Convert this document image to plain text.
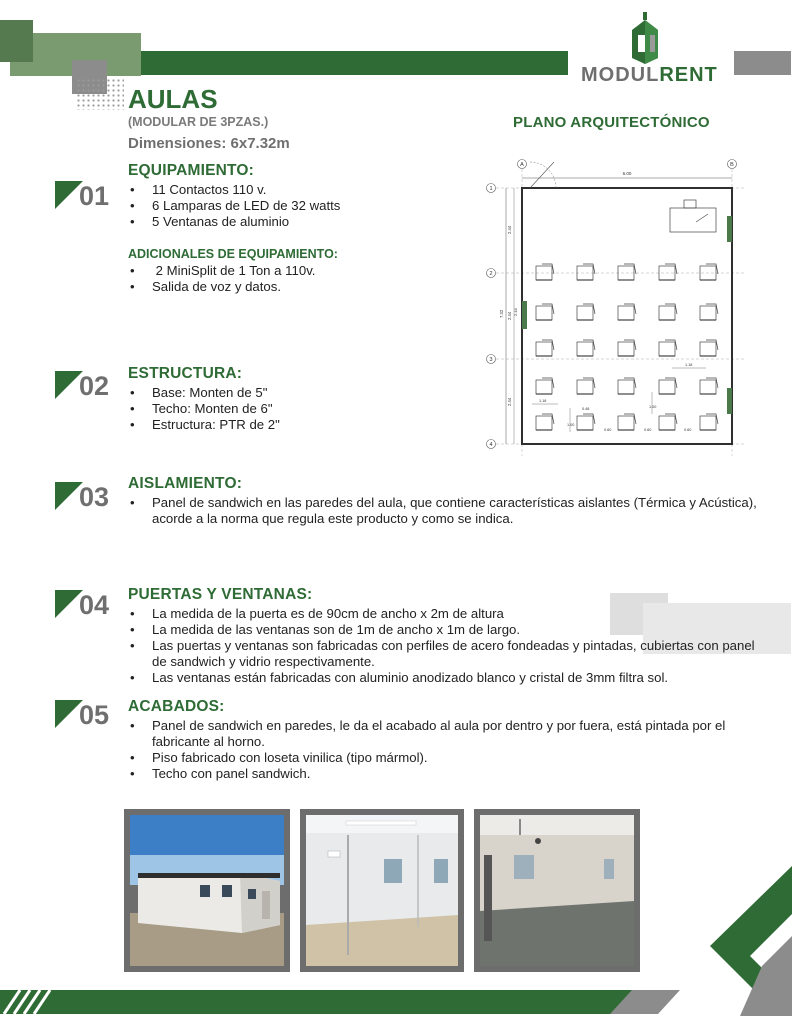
MODULRENT
AULAS
(MODULAR DE 3PZAS.)
Dimensiones: 6x7.32m
PLANO ARQUITECTÓNICO
01
EQUIPAMIENTO:
• 11 Contactos 110 v.
• 6 Lamparas de LED de 32 watts
• 5 Ventanas de aluminio
ADICIONALES DE EQUIPAMIENTO:
•  2 MiniSplit de 1 Ton a 110v.
• Salida de voz y datos.
02 ESTRUCTURA:
• Base: Monten de 5"
• Techo: Monten de 6"
• Estructura: PTR de 2"
A	B
1
2
3
4
6.00
7.32
2.44
2.44
2.44
2.44
1.18
1.18
0.48
0.60	0.60	0.60
1.00
1.00
03 AISLAMIENTO:
• Panel de sandwich en las paredes del aula, que contiene características aislantes (Térmica y Acústica), acorde a la norma que regula este producto y como se indica.
04 PUERTAS Y VENTANAS:
• La medida de la puerta es de 90cm de ancho x 2m de altura
• La medida de las ventanas son de 1m de ancho x 1m de largo.
• Las puertas y ventanas son fabricadas con perfiles de acero fondeadas y pintadas, cubiertas con panel de sandwich y vidrio respectivamente.
• Las ventanas están fabricadas con aluminio anodizado blanco y cristal de 3mm filtra sol.
05 ACABADOS:
• Panel de sandwich en paredes, le da el acabado al aula por dentro y por fuera, está pintada por el fabricante al horno.
• Piso fabricado con loseta vinilica (tipo mármol).
• Techo con panel sandwich.
